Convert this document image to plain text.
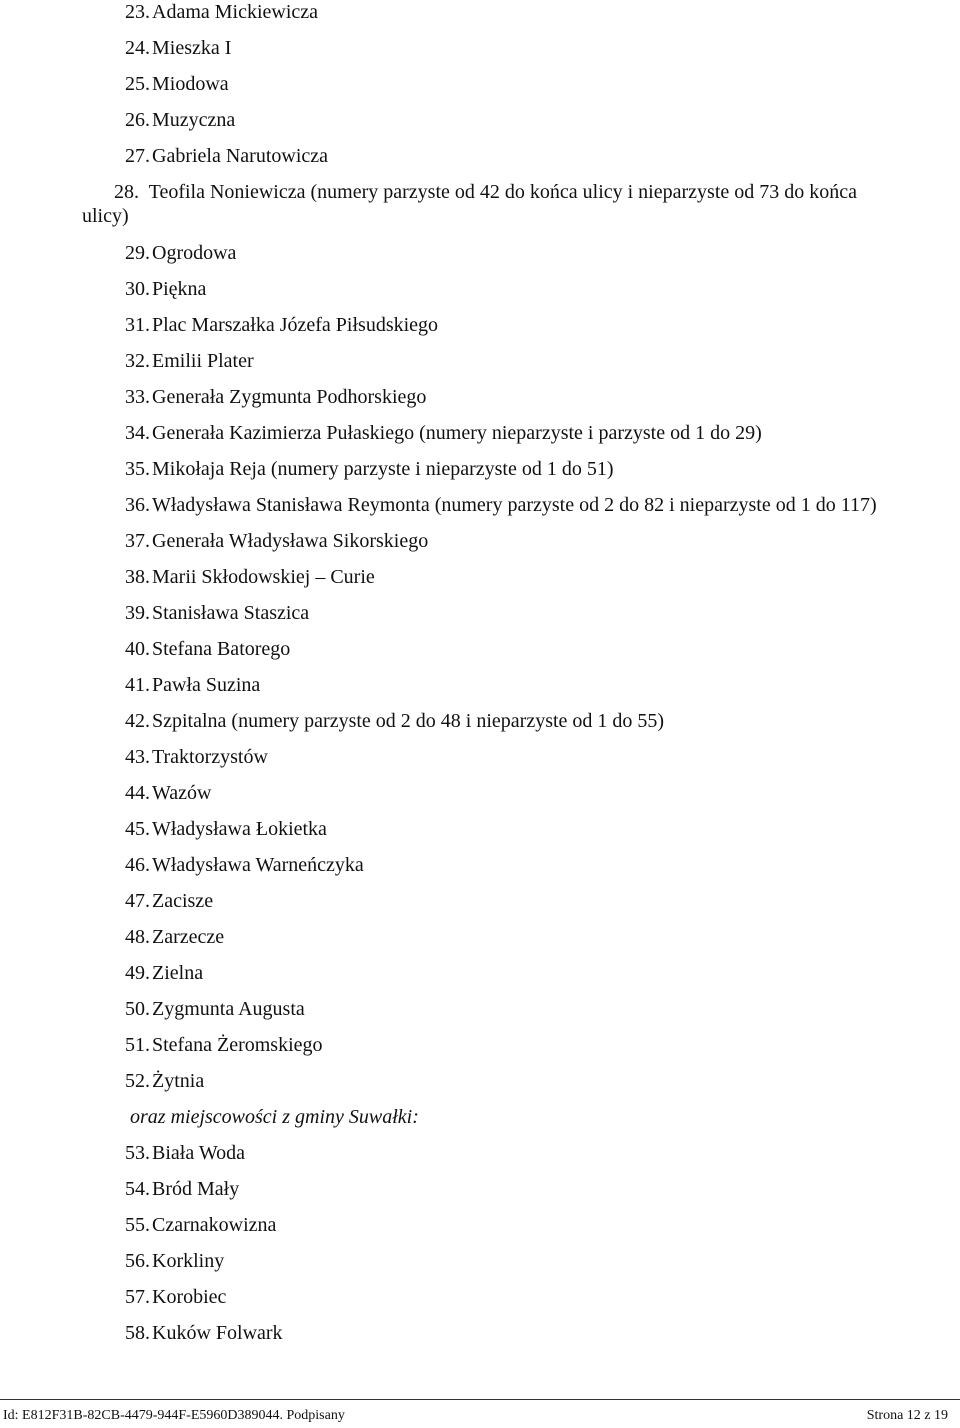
23. Adama Mickiewicza
24. Mieszka I
25. Miodowa
26. Muzyczna
27. Gabriela Narutowicza
28. Teofila Noniewicza (numery parzyste od 42 do końca ulicy i nieparzyste od 73 do końca
ulicy)
29. Ogrodowa
30. Piękna
31. Plac Marszałka Józefa Piłsudskiego
32. Emilii Plater
33. Generała Zygmunta Podhorskiego
34. Generała Kazimierza Pułaskiego (numery nieparzyste i parzyste od 1 do 29)
35. Mikołaja Reja (numery parzyste i nieparzyste od 1 do 51)
36. Władysława Stanisława Reymonta (numery parzyste od 2 do 82 i nieparzyste od 1 do 117)
37. Generała Władysława Sikorskiego
38. Marii Skłodowskiej – Curie
39. Stanisława Staszica
40. Stefana Batorego
41. Pawła Suzina
42. Szpitalna (numery parzyste od 2 do 48 i nieparzyste od 1 do 55)
43. Traktorzystów
44. Wazów
45. Władysława Łokietka
46. Władysława Warneńczyka
47. Zacisze
48. Zarzecze
49. Zielna
50. Zygmunta Augusta
51. Stefana Żeromskiego
52. Żytnia
oraz miejscowości z gminy Suwałki:
53. Biała Woda
54. Bród Mały
55. Czarnakowizna
56. Korkliny
57. Korobiec
58. Kuków Folwark
Id: E812F31B-82CB-4479-944F-E5960D389044. Podpisany	Strona 12 z 19
